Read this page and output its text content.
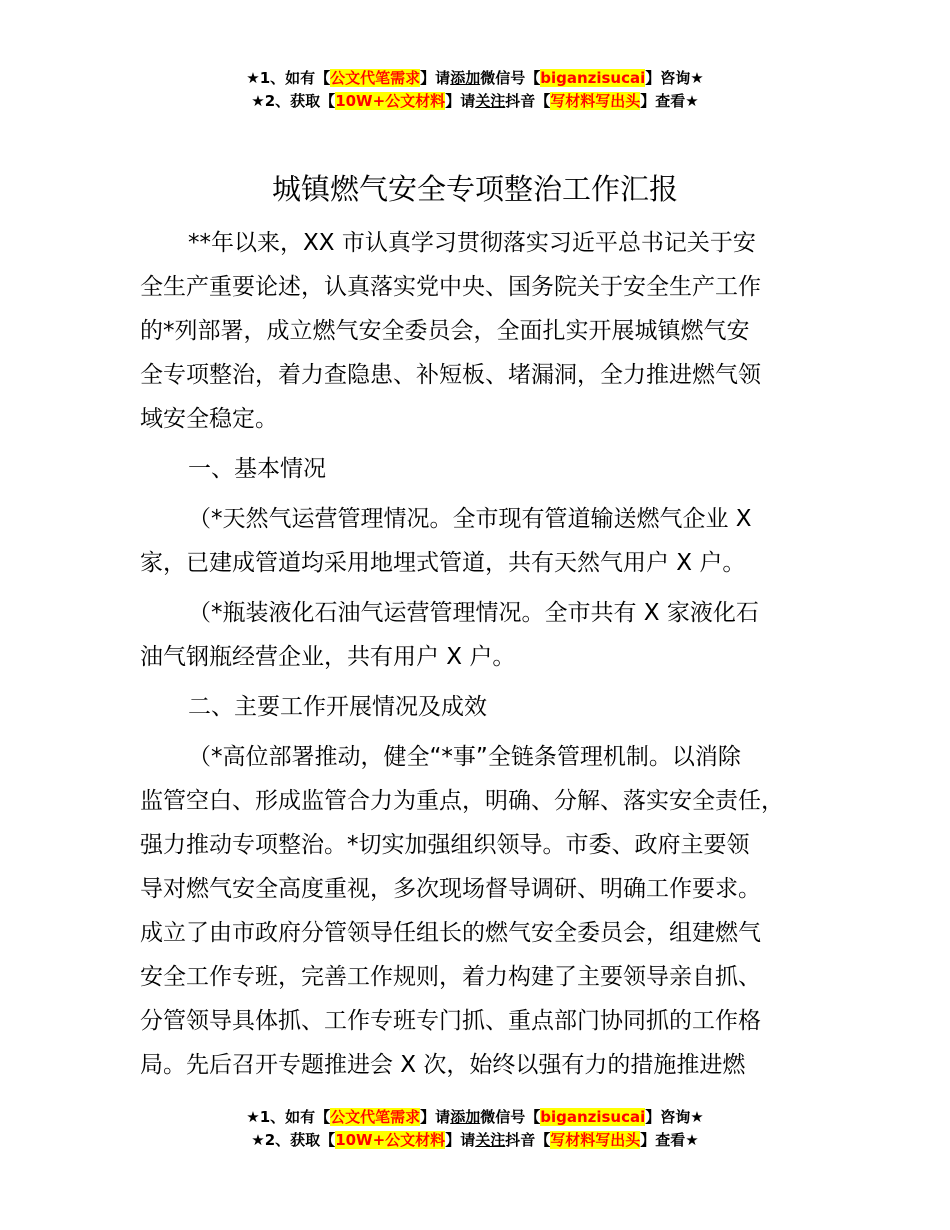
★1、如有【公文代笔需求】请添加微信号【biganzisucai】咨询★
★2、获取【10W+公文材料】请关注抖音【写材料写出头】查看★
城镇燃气安全专项整治工作汇报
**年以来，XX 市认真学习贯彻落实习近平总书记关于安
全生产重要论述，认真落实党中央、国务院关于安全生产工作
的*列部署，成立燃气安全委员会，全面扎实开展城镇燃气安
全专项整治，着力查隐患、补短板、堵漏洞，全力推进燃气领
域安全稳定。
一、基本情况
（*天然气运营管理情况。全市现有管道输送燃气企业 X
家，已建成管道均采用地埋式管道，共有天然气用户 X 户。
（*瓶装液化石油气运营管理情况。全市共有 X 家液化石
油气钢瓶经营企业，共有用户 X 户。
二、主要工作开展情况及成效
（*高位部署推动，健全“*事”全链条管理机制。以消除
监管空白、形成监管合力为重点，明确、分解、落实安全责任，
强力推动专项整治。*切实加强组织领导。市委、政府主要领
导对燃气安全高度重视，多次现场督导调研、明确工作要求。
成立了由市政府分管领导任组长的燃气安全委员会，组建燃气
安全工作专班，完善工作规则，着力构建了主要领导亲自抓、
分管领导具体抓、工作专班专门抓、重点部门协同抓的工作格
局。先后召开专题推进会 X 次，始终以强有力的措施推进燃
★1、如有【公文代笔需求】请添加微信号【biganzisucai】咨询★
★2、获取【10W+公文材料】请关注抖音【写材料写出头】查看★
